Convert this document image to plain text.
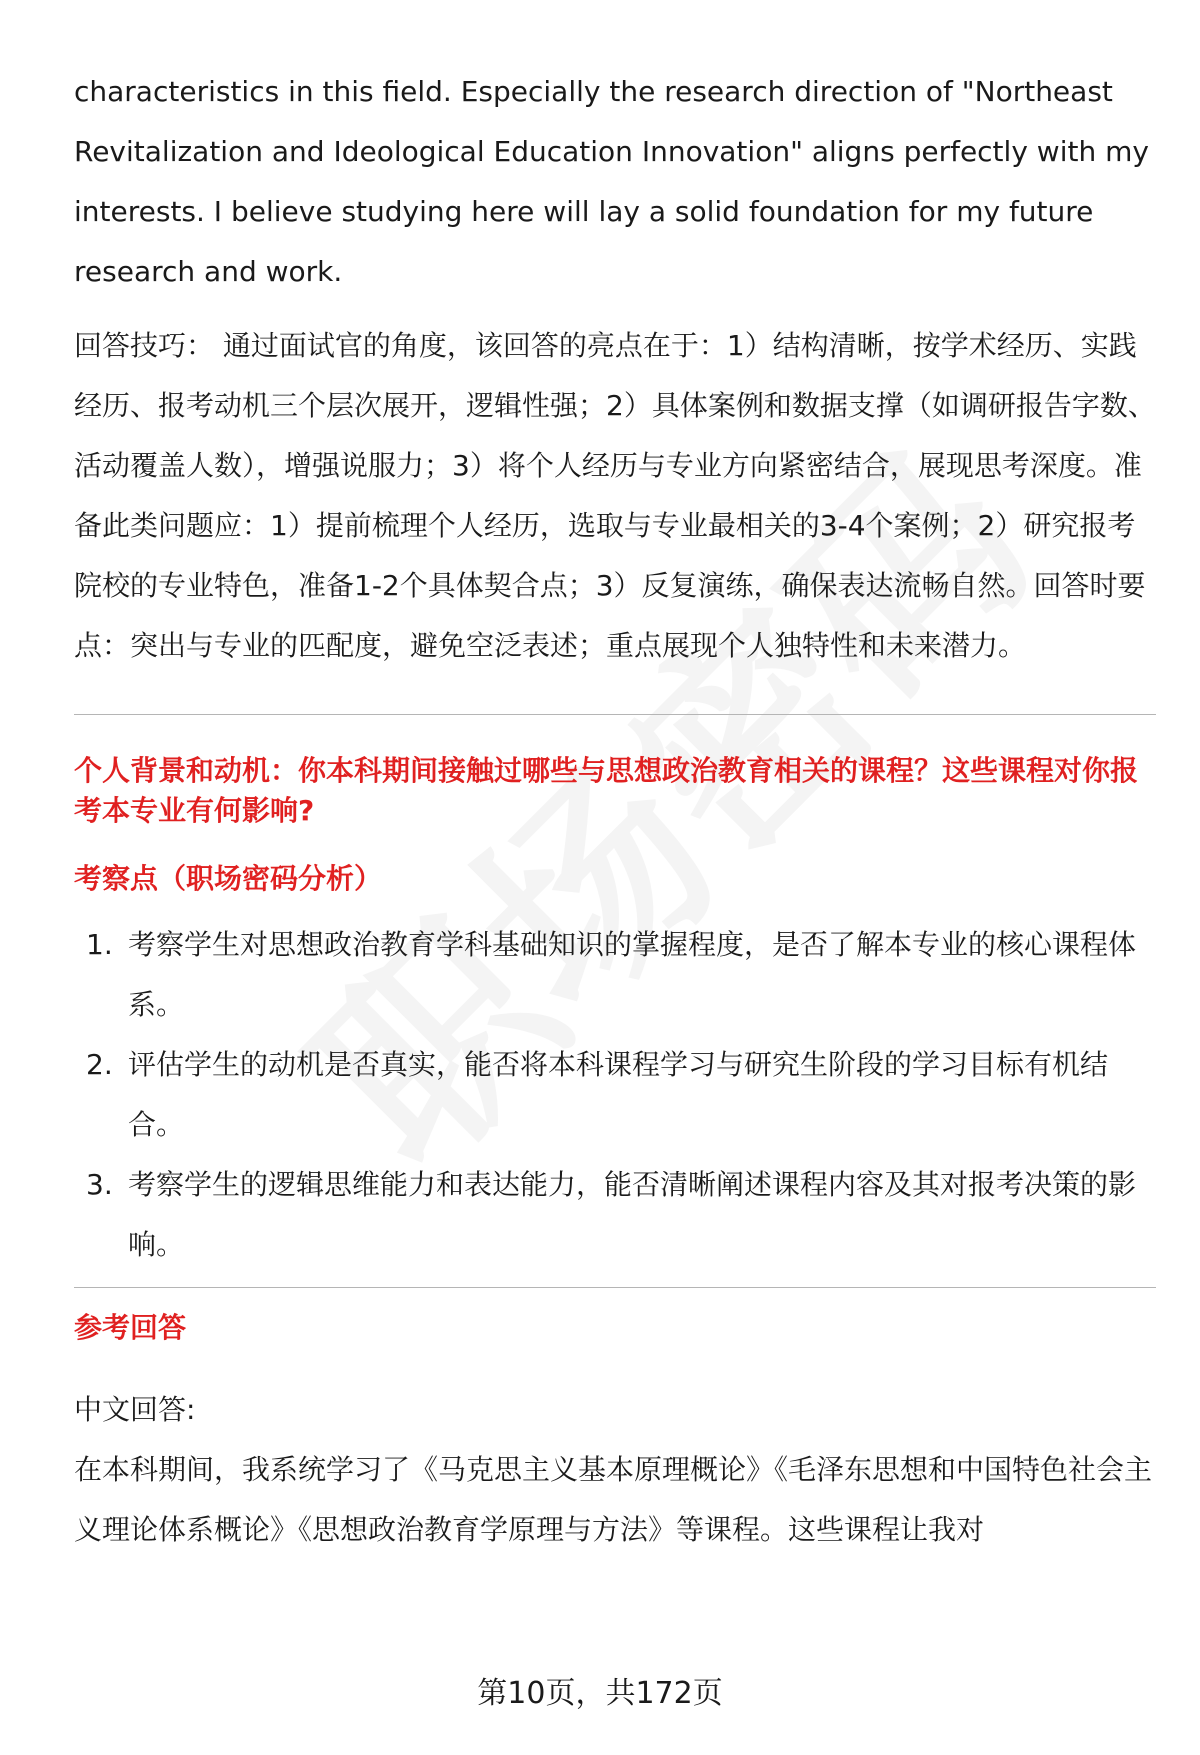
characteristics in this field. Especially the research direction of "Northeast Revitalization and Ideological Education Innovation" aligns perfectly with my interests. I believe studying here will lay a solid foundation for my future research and work.

回答技巧： 通过面试官的角度，该回答的亮点在于：1）结构清晰，按学术经历、实践经历、报考动机三个层次展开，逻辑性强；2）具体案例和数据支撑（如调研报告字数、活动覆盖人数），增强说服力；3）将个人经历与专业方向紧密结合，展现思考深度。准备此类问题应：1）提前梳理个人经历，选取与专业最相关的3-4个案例；2）研究报考院校的专业特色，准备1-2个具体契合点；3）反复演练，确保表达流畅自然。回答时要点：突出与专业的匹配度，避免空泛表述；重点展现个人独特性和未来潜力。

个人背景和动机：你本科期间接触过哪些与思想政治教育相关的课程？这些课程对你报考本专业有何影响?
考察点（职场密码分析）
1. 考察学生对思想政治教育学科基础知识的掌握程度，是否了解本专业的核心课程体系。
2. 评估学生的动机是否真实，能否将本科课程学习与研究生阶段的学习目标有机结合。
3. 考察学生的逻辑思维能力和表达能力，能否清晰阐述课程内容及其对报考决策的影响。
参考回答

中文回答:

在本科期间，我系统学习了《马克思主义基本原理概论》《毛泽东思想和中国特色社会主义理论体系概论》《思想政治教育学原理与方法》等课程。这些课程让我对

第10页，共172页
